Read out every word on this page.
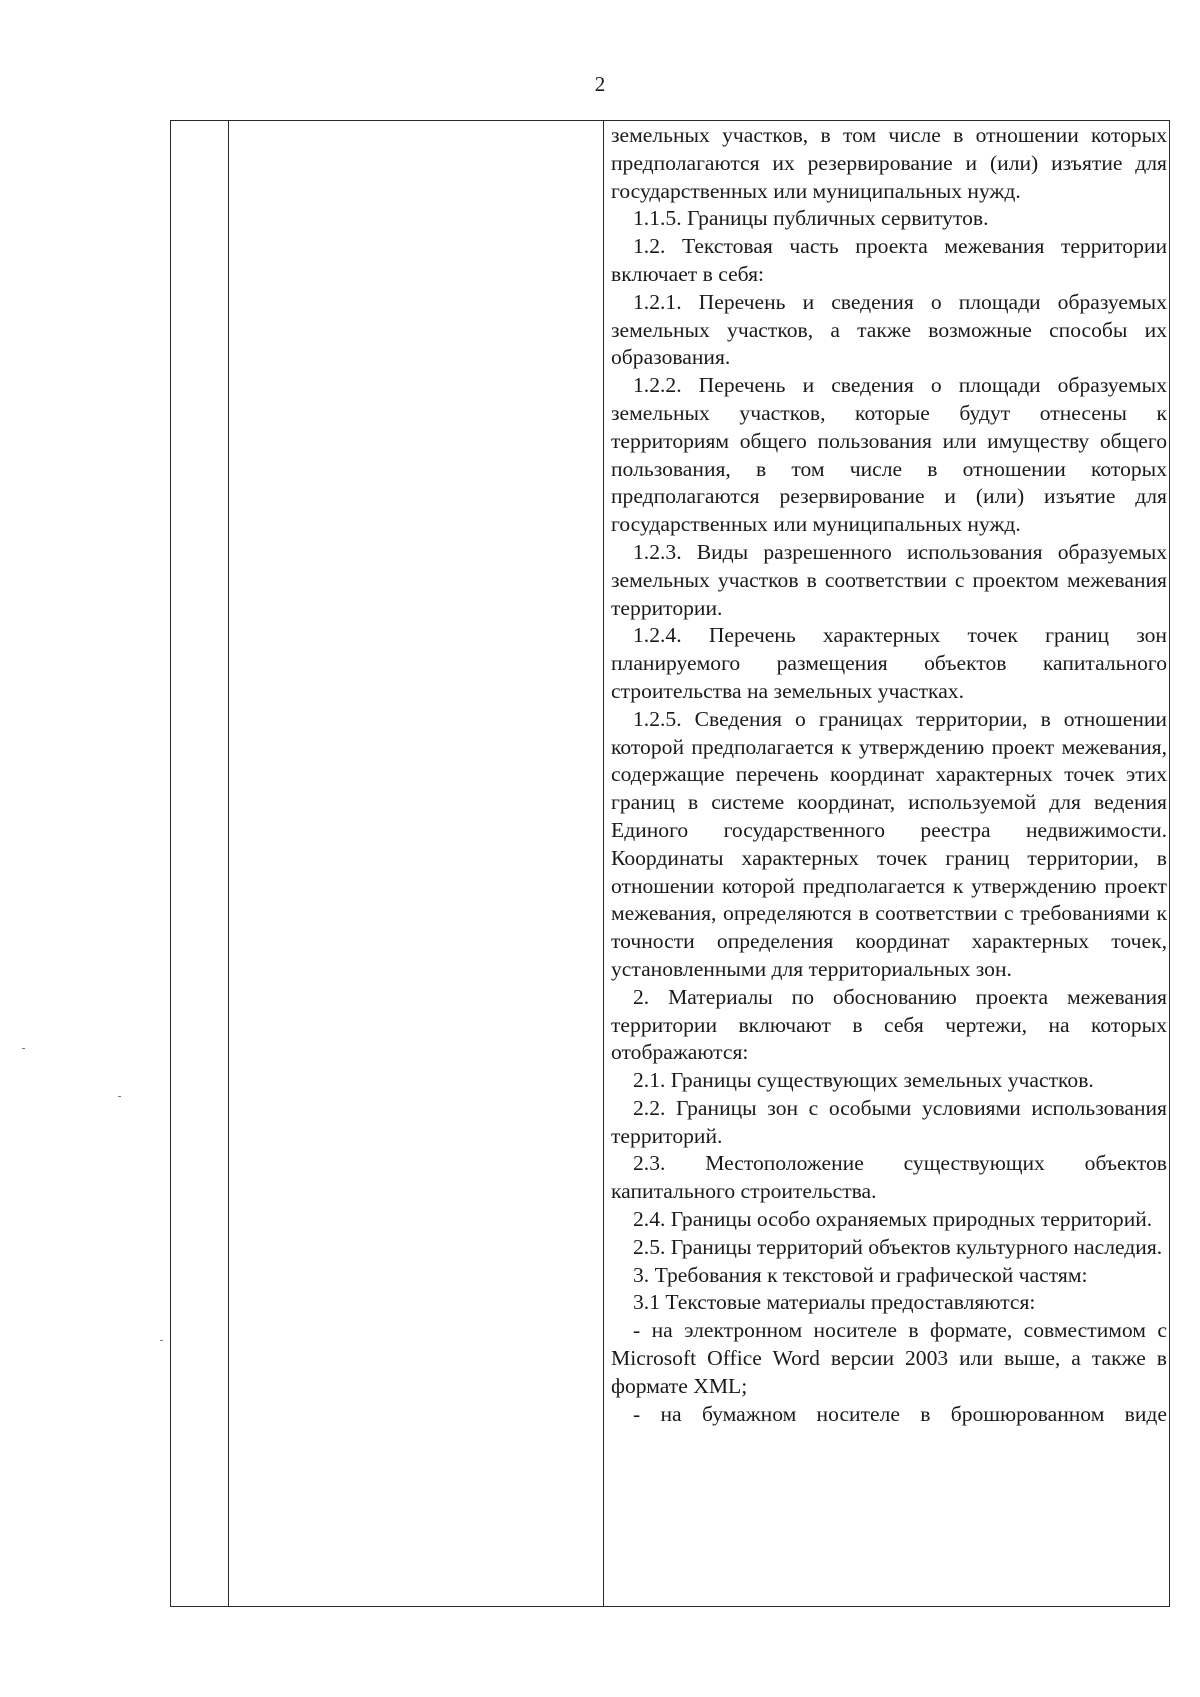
2

земельных участков, в том числе в отношении которых предполагаются их резервирование и (или) изъятие для государственных или муниципальных нужд.

1.1.5. Границы публичных сервитутов.

1.2. Текстовая часть проекта межевания территории включает в себя:

1.2.1. Перечень и сведения о площади образуемых земельных участков, а также возможные способы их образования.

1.2.2. Перечень и сведения о площади образуемых земельных участков, которые будут отнесены к территориям общего пользования или имуществу общего пользования, в том числе в отношении которых предполагаются резервирование и (или) изъятие для государственных или муниципальных нужд.

1.2.3. Виды разрешенного использования образуемых земельных участков в соответствии с проектом межевания территории.

1.2.4. Перечень характерных точек границ зон планируемого размещения объектов капитального строительства на земельных участках.

1.2.5. Сведения о границах территории, в отношении которой предполагается к утверждению проект межевания, содержащие перечень координат характерных точек этих границ в системе координат, используемой для ведения Единого государственного реестра недвижимости. Координаты характерных точек границ территории, в отношении которой предполагается к утверждению проект межевания, определяются в соответствии с требованиями к точности определения координат характерных точек, установленными для территориальных зон.

2. Материалы по обоснованию проекта межевания территории включают в себя чертежи, на которых отображаются:

2.1. Границы существующих земельных участков.

2.2. Границы зон с особыми условиями использования территорий.

2.3. Местоположение существующих объектов капитального строительства.

2.4. Границы особо охраняемых природных территорий.

2.5. Границы территорий объектов культурного наследия.

3. Требования к текстовой и графической частям:

3.1 Текстовые материалы предоставляются:

- на электронном носителе в формате, совместимом с Microsoft Office Word версии 2003 или выше, а также в формате XML;

- на бумажном носителе в брошюрованном виде
